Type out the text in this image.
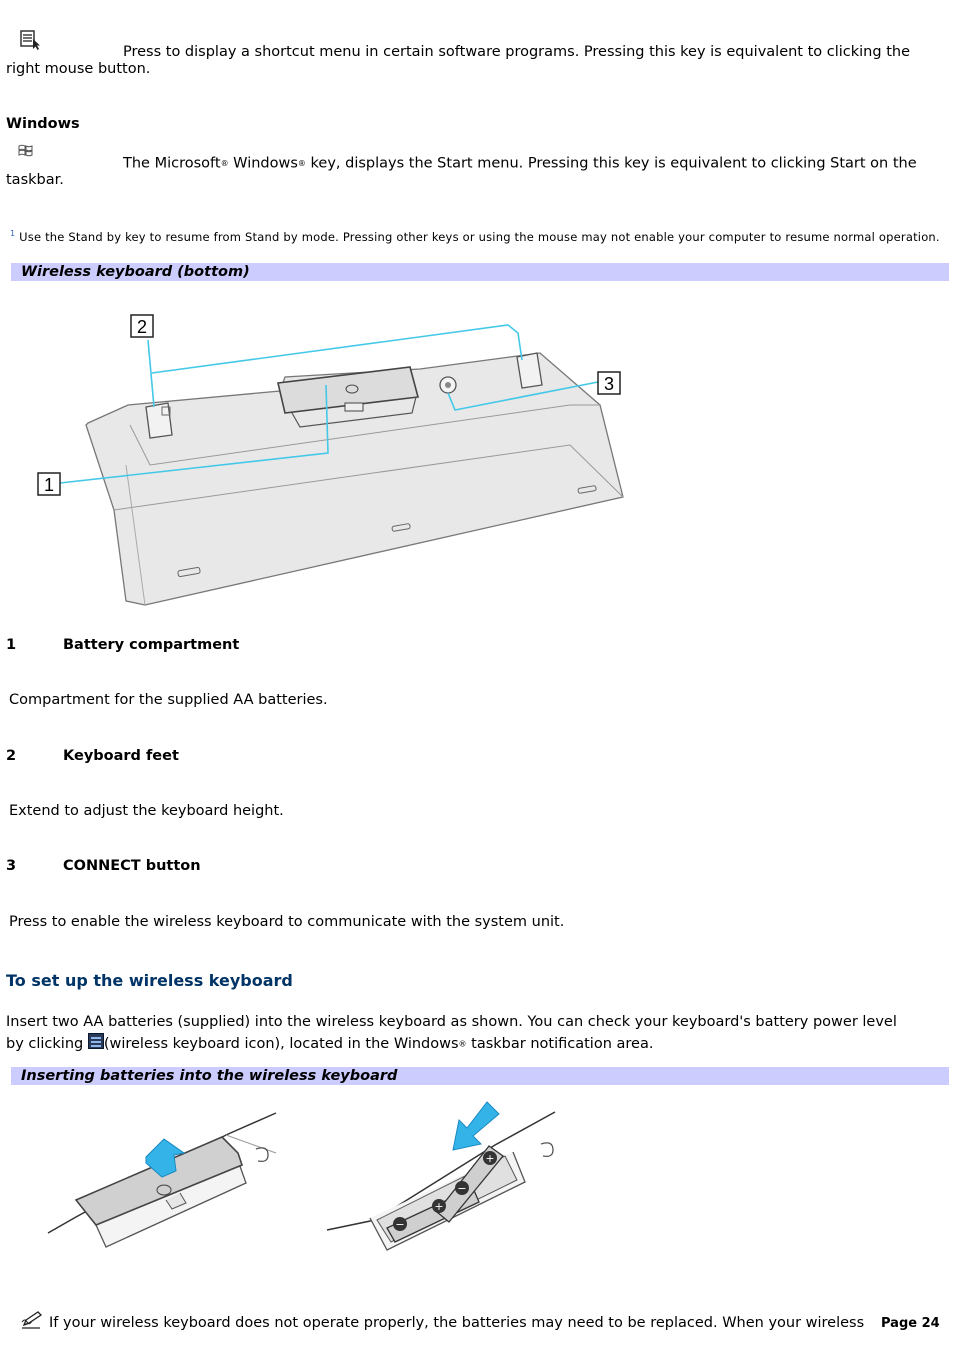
Press to display a shortcut menu in certain software programs. Pressing this key is equivalent to clicking the

right mouse button.

Windows

The Microsoft® Windows® key, displays the Start menu. Pressing this key is equivalent to clicking Start on the

taskbar.

$^1$ Use the Stand by key to resume from Stand by mode. Pressing other keys or using the mouse may not enable your computer to resume normal operation.

Wireless keyboard (bottom)
2
3
1

1	Battery compartment

Compartment for the supplied AA batteries.

2	Keyboard feet

Extend to adjust the keyboard height.

3	CONNECT button

Press to enable the wireless keyboard to communicate with the system unit.

To set up the wireless keyboard

Insert two AA batteries (supplied) into the wireless keyboard as shown. You can check your keyboard's battery power level

by clicking
(wireless keyboard icon), located in the Windows® taskbar notification area.

Inserting batteries into the wireless keyboard
−
+
−
+

If your wireless keyboard does not operate properly, the batteries may need to be replaced. When your wireless	Page 24
